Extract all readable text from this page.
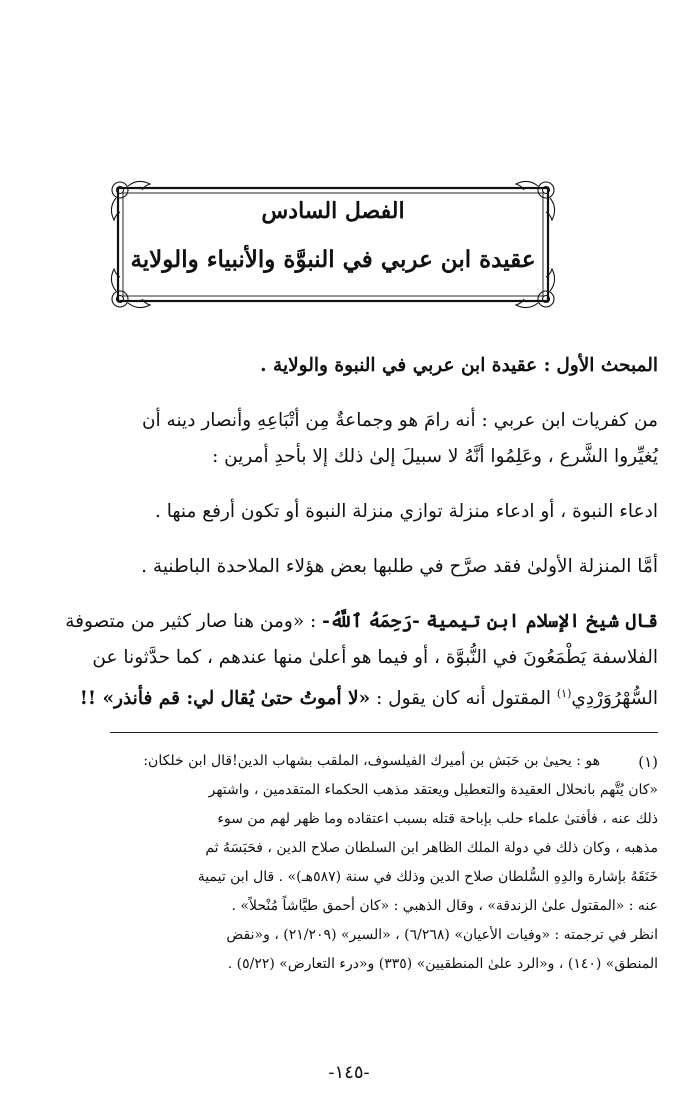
الفصل السادس
عقيدة ابن عربي في النبوَّة والأنبياء والولاية
المبحث الأول : عقيدة ابن عربي في النبوة والولاية .
من كفريات ابن عربي : أنه رامَ هو وجماعةٌ مِن أتْبَاعِهِ وأنصار دينه أن
يُغيِّروا الشَّرع ، وعَلِمُوا أنَّهُ لا سبيلَ إلىٰ ذلك إلا بأحدِ أمرين :
ادعاء النبوة ، أو ادعاء منزلة توازي منزلة النبوة أو تكون أرفع منها .
أمَّا المنزلة الأولىٰ فقد صرَّح في طلبها بعض هؤلاء الملاحدة الباطنية .
قال شيخ الإسلام ابن تيمية -رَحِمَهُ ٱللَّهُ- : «ومن هنا صار كثير من متصوفة
الفلاسفة يَطْمَعُونَ في النُّبوَّة ، أو فيما هو أعلىٰ منها عندهم ، كما حدَّثونا عن
السُّهْرُوَرْدِي$^{(١)}$ المقتول أنه كان يقول : «لا أموتُ حتىٰ يُقال لي: قم فأنذر» !!
(١)
هو : يحيىٰ بن حَبَش بن أميرك الفيلسوف، الملقب بشهاب الدين!قال ابن خلكان:
«كان يُتَّهم بانحلال العقيدة والتعطيل ويعتقد مذهب الحكماء المتقدمين ، واشتهر
ذلك عنه ، فأفتىٰ علماء حلب بإباحة قتله بسبب اعتقاده وما ظهر لهم من سوء
مذهبه ، وكان ذلك في دولة الملك الظاهر ابن السلطان صلاح الدين ، فحَبَسَهُ ثم
خَنَقَهُ بإشارة والدِهِ السُّلطان صلاح الدين وذلك في سنة (٥٨٧هـ)» . قال ابن تيمية
عنه : «المقتول علىٰ الزندقة» ، وقال الذهبي : «كان أحمق طيَّاشاً مُنْحلاً» .
انظر في ترجمته : «وفيات الأعيان» (٦/٢٦٨) ، «السير» (٢١/٢٠٩) ، و«نقض
المنطق» (١٤٠) ، و«الرد علىٰ المنطقيين» (٣٣٥) و«درء التعارض» (٥/٢٢) .
-١٤٥-
